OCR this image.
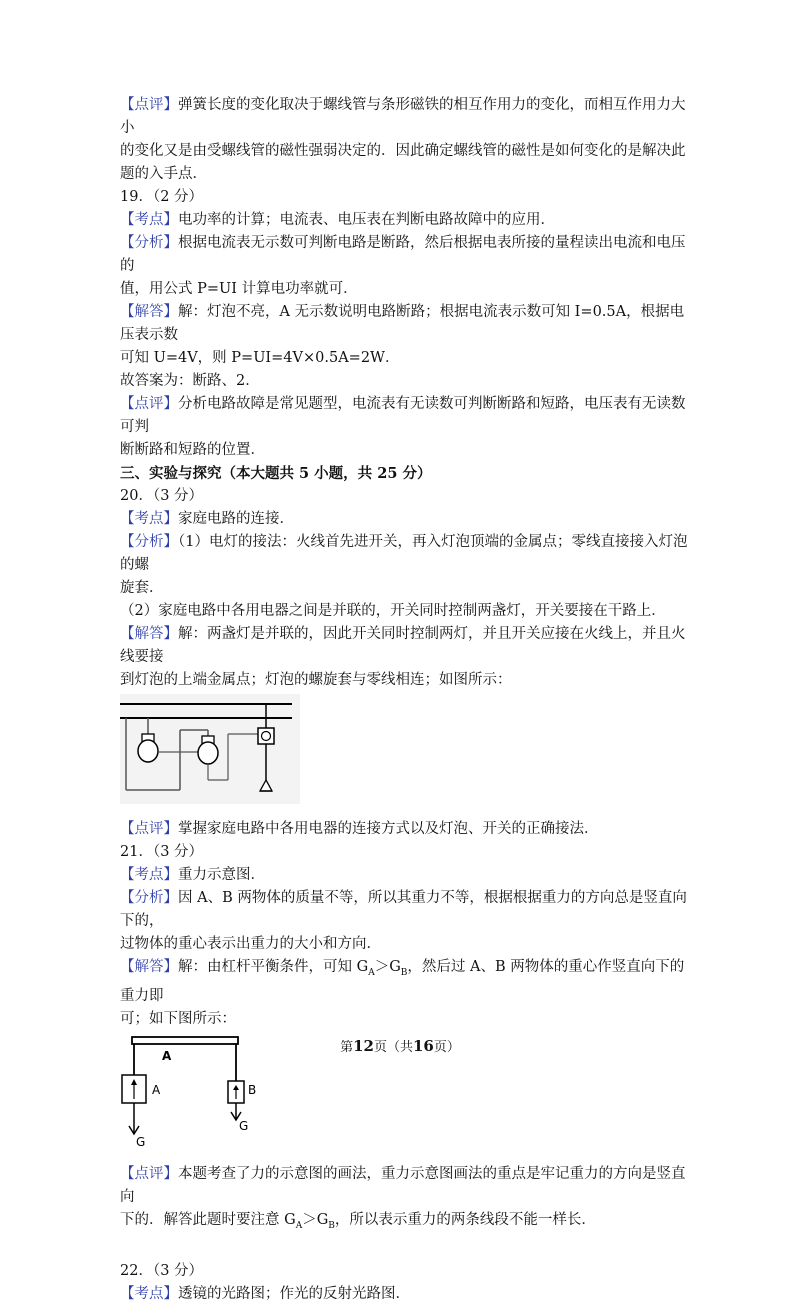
【点评】弹簧长度的变化取决于螺线管与条形磁铁的相互作用力的变化，而相互作用力大小

的变化又是由受螺线管的磁性强弱决定的．因此确定螺线管的磁性是如何变化的是解决此

题的入手点．

19．（2 分）

【考点】电功率的计算；电流表、电压表在判断电路故障中的应用．

【分析】根据电流表无示数可判断电路是断路，然后根据电表所接的量程读出电流和电压的

值，用公式 P=UI 计算电功率就可．

【解答】解：灯泡不亮，A 无示数说明电路断路；根据电流表示数可知 I=0.5A，根据电压表示数

可知 U=4V，则 P=UI=4V×0.5A=2W．

故答案为：断路、2．

【点评】分析电路故障是常见题型，电流表有无读数可判断断路和短路，电压表有无读数可判

断断路和短路的位置．

三、实验与探究（本大题共 5 小题，共 25 分）

20．（3 分）

【考点】家庭电路的连接．

【分析】（1）电灯的接法：火线首先进开关，再入灯泡顶端的金属点；零线直接接入灯泡的螺

旋套．

（2）家庭电路中各用电器之间是并联的，开关同时控制两盏灯，开关要接在干路上．

【解答】解：两盏灯是并联的，因此开关同时控制两灯，并且开关应接在火线上，并且火线要接

到灯泡的上端金属点；灯泡的螺旋套与零线相连；如图所示：

【点评】掌握家庭电路中各用电器的连接方式以及灯泡、开关的正确接法．

21．（3 分）

【考点】重力示意图．

【分析】因 A、B 两物体的质量不等，所以其重力不等，根据根据重力的方向总是竖直向下的，

过物体的重心表示出重力的大小和方向．

【解答】解：由杠杆平衡条件，可知 $G_A>G_B$，然后过 A、B 两物体的重心作竖直向下的重力即

可；如下图所示：

A
A
G
B
G

【点评】本题考查了力的示意图的画法，重力示意图画法的重点是牢记重力的方向是竖直向

下的．解答此题时要注意 $G_A>G_B$，所以表示重力的两条线段不能一样长．

22．（3 分）

【考点】透镜的光路图；作光的反射光路图．

第12页（共16页）
